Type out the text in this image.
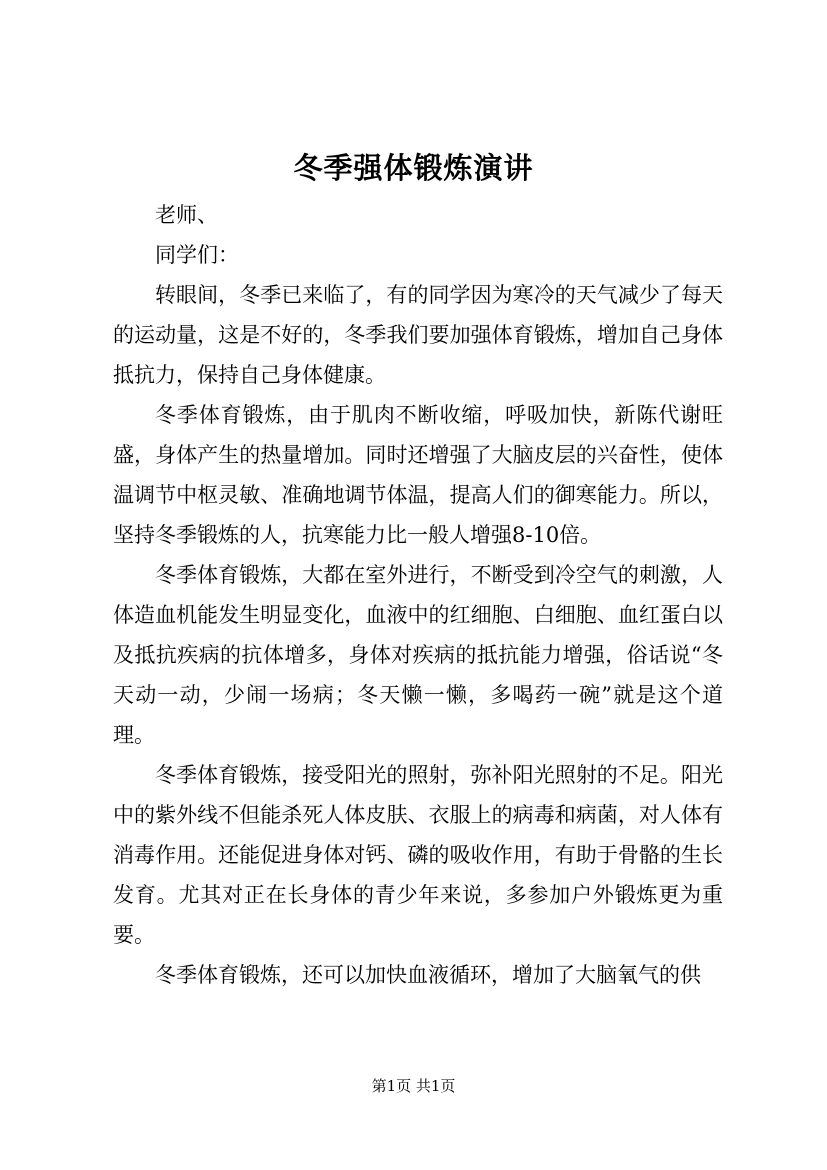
冬季强体锻炼演讲

老师、

同学们：

转眼间，冬季已来临了，有的同学因为寒冷的天气减少了每天的运动量，这是不好的，冬季我们要加强体育锻炼，增加自己身体抵抗力，保持自己身体健康。

冬季体育锻炼，由于肌肉不断收缩，呼吸加快，新陈代谢旺盛，身体产生的热量增加。同时还增强了大脑皮层的兴奋性，使体温调节中枢灵敏、准确地调节体温，提高人们的御寒能力。所以，坚持冬季锻炼的人，抗寒能力比一般人增强8-10倍。

冬季体育锻炼，大都在室外进行，不断受到冷空气的刺激，人体造血机能发生明显变化，血液中的红细胞、白细胞、血红蛋白以及抵抗疾病的抗体增多，身体对疾病的抵抗能力增强，俗话说“冬天动一动，少闹一场病；冬天懒一懒，多喝药一碗”就是这个道理。

冬季体育锻炼，接受阳光的照射，弥补阳光照射的不足。阳光中的紫外线不但能杀死人体皮肤、衣服上的病毒和病菌，对人体有消毒作用。还能促进身体对钙、磷的吸收作用，有助于骨骼的生长发育。尤其对正在长身体的青少年来说，多参加户外锻炼更为重要。

冬季体育锻炼，还可以加快血液循环，增加了大脑氧气的供

第1页 共1页
